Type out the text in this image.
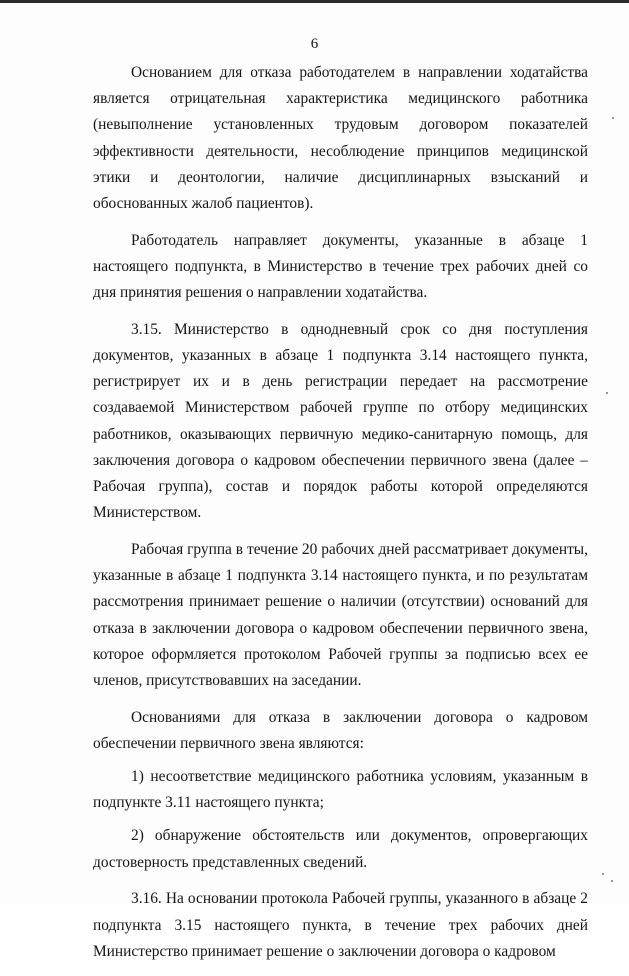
6

Основанием для отказа работодателем в направлении ходатайства является отрицательная характеристика медицинского работника (невыполнение установленных трудовым договором показателей эффективности деятельности, несоблюдение принципов медицинской этики и деонтологии, наличие дисциплинарных взысканий и обоснованных жалоб пациентов).

Работодатель направляет документы, указанные в абзаце 1 настоящего подпункта, в Министерство в течение трех рабочих дней со дня принятия решения о направлении ходатайства.

3.15. Министерство в однодневный срок со дня поступления документов, указанных в абзаце 1 подпункта 3.14 настоящего пункта, регистрирует их и в день регистрации передает на рассмотрение создаваемой Министерством рабочей группе по отбору медицинских работников, оказывающих первичную медико-санитарную помощь, для заключения договора о кадровом обеспечении первичного звена (далее – Рабочая группа), состав и порядок работы которой определяются Министерством.

Рабочая группа в течение 20 рабочих дней рассматривает документы, указанные в абзаце 1 подпункта 3.14 настоящего пункта, и по результатам рассмотрения принимает решение о наличии (отсутствии) оснований для отказа в заключении договора о кадровом обеспечении первичного звена, которое оформляется протоколом Рабочей группы за подписью всех ее членов, присутствовавших на заседании.

Основаниями для отказа в заключении договора о кадровом обеспечении первичного звена являются:

1) несоответствие медицинского работника условиям, указанным в подпункте 3.11 настоящего пункта;

2) обнаружение обстоятельств или документов, опровергающих достоверность представленных сведений.

3.16. На основании протокола Рабочей группы, указанного в абзаце 2 подпункта 3.15 настоящего пункта, в течение трех рабочих дней Министерство принимает решение о заключении договора о кадровом
